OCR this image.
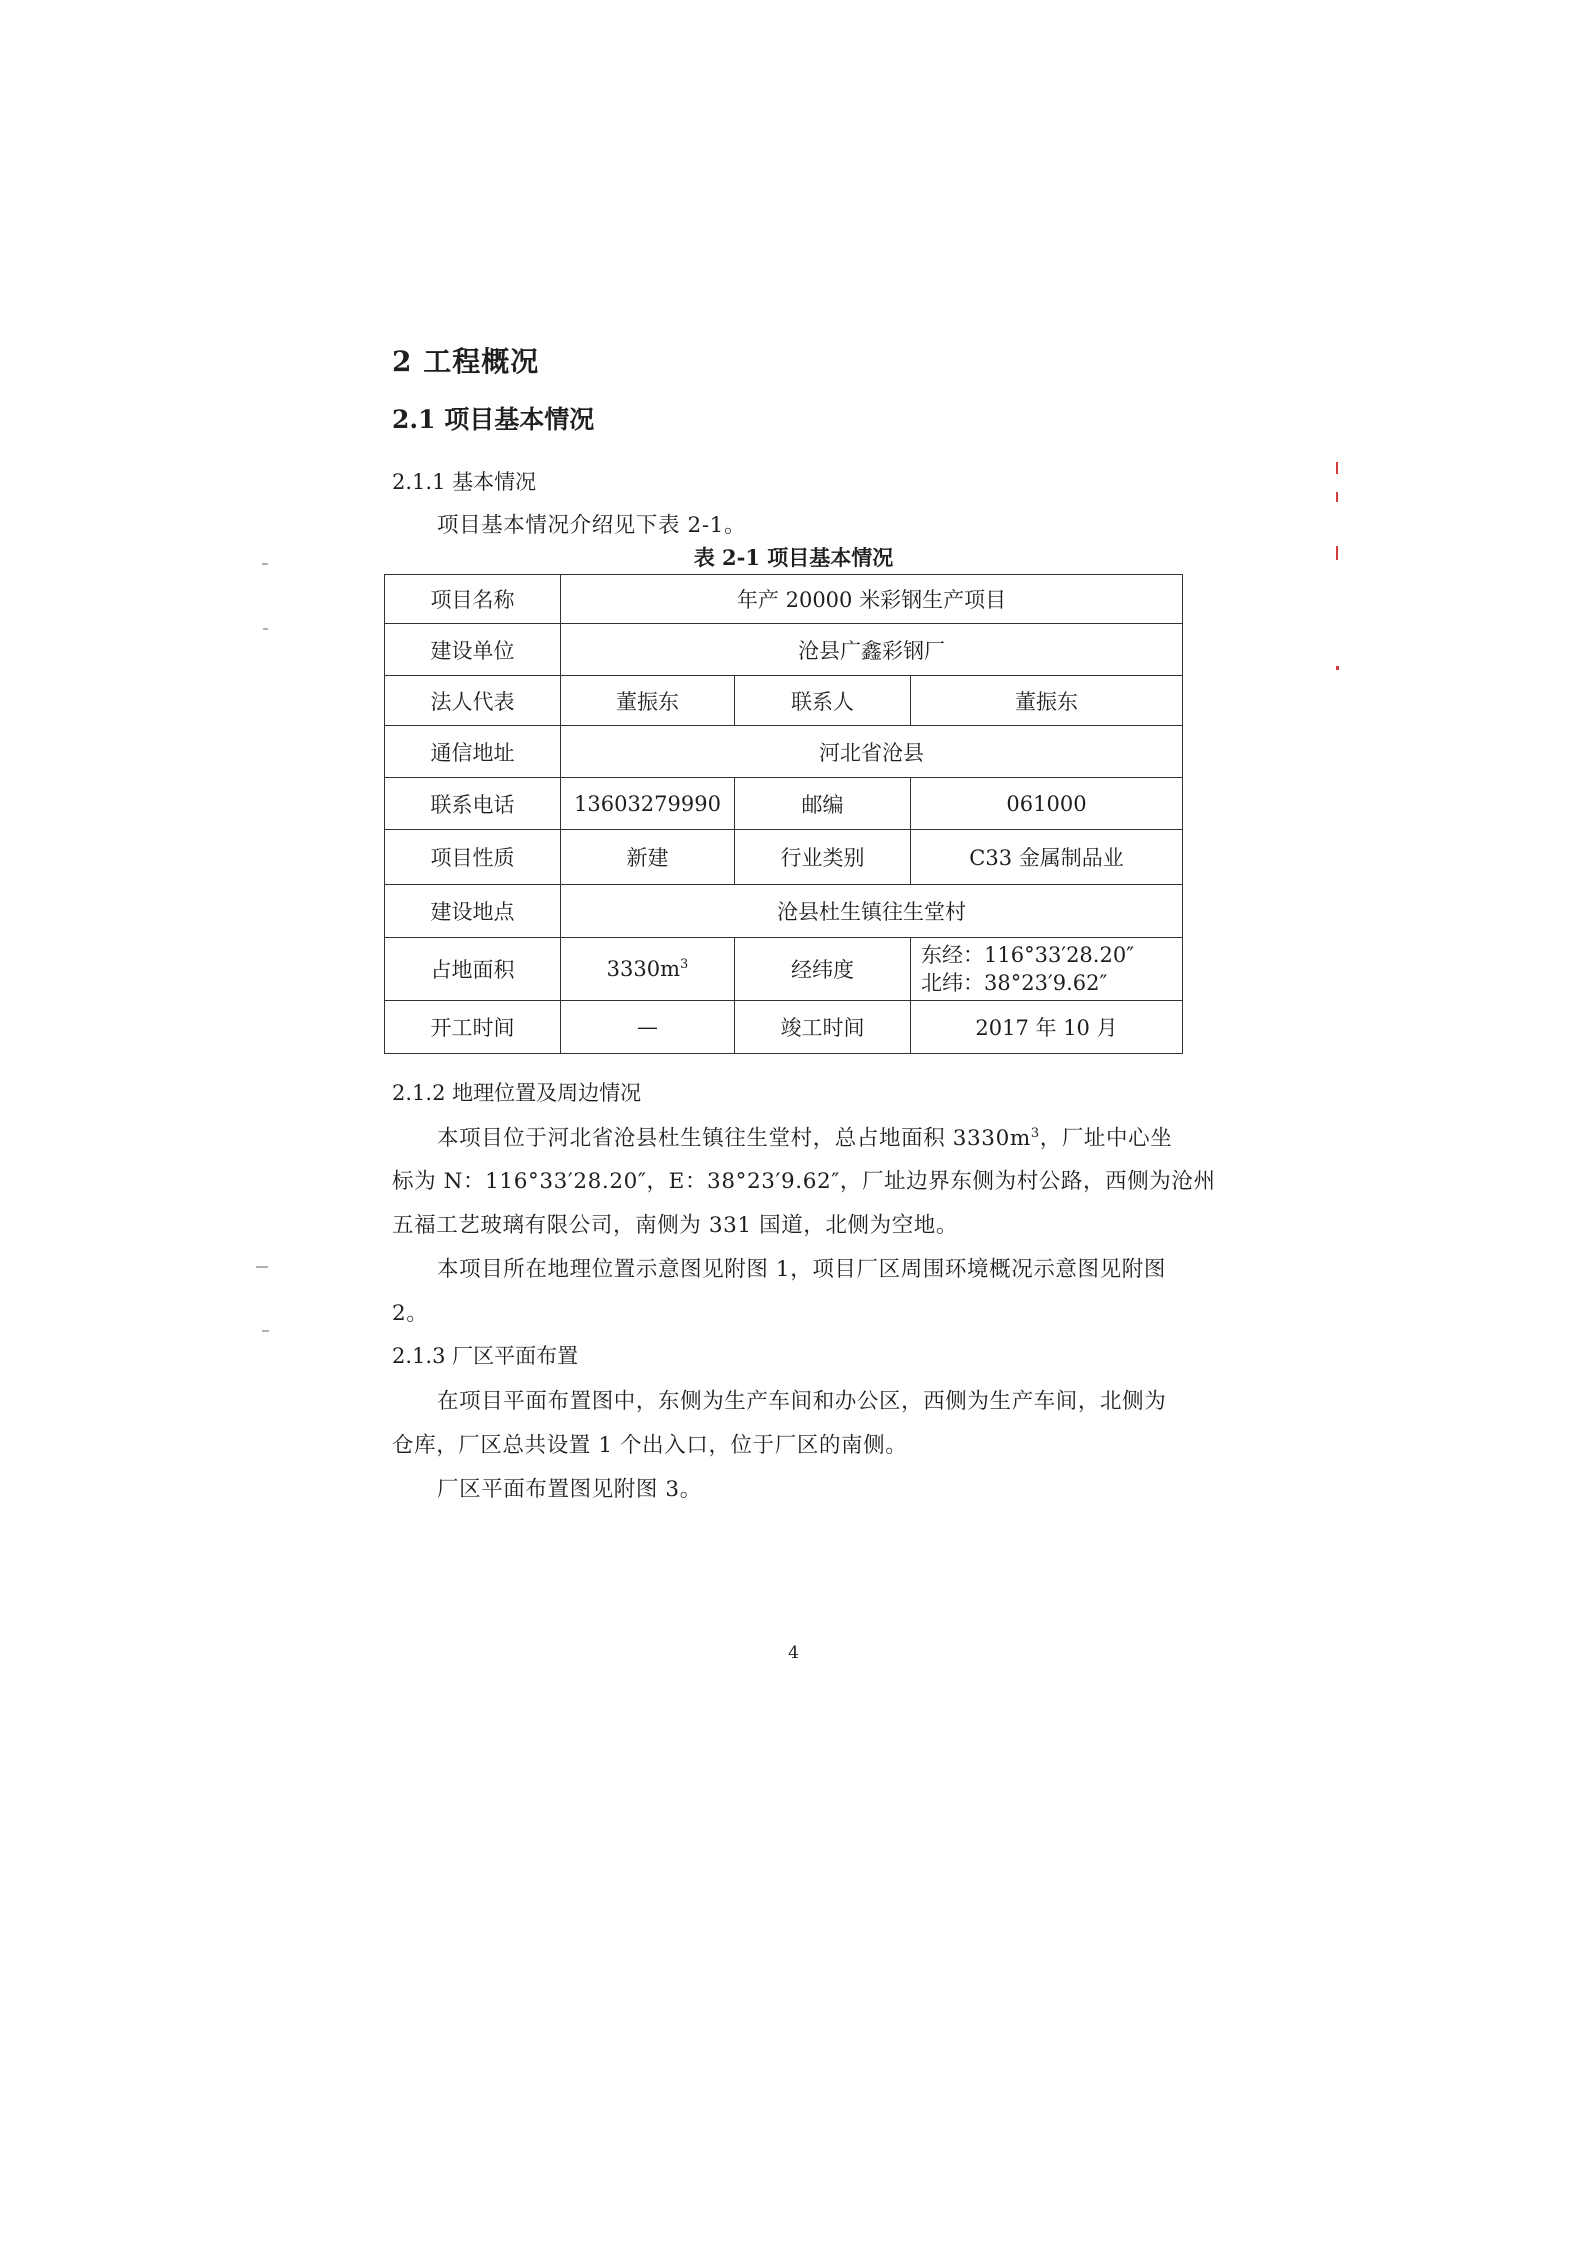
2 工程概况
2.1 项目基本情况
2.1.1 基本情况
项目基本情况介绍见下表 2-1。
表 2-1 项目基本情况
项目名称	年产 20000 米彩钢生产项目		
建设单位	沧县广鑫彩钢厂		
法人代表	董振东	联系人	董振东
通信地址	河北省沧县		
联系电话	13603279990	邮编	061000
项目性质	新建	行业类别	C33 金属制品业
建设地点	沧县杜生镇往生堂村		
占地面积	$3330m^3$	经纬度	东经：116°33′28.20″
北纬：38°23′9.62″

开工时间	—	竣工时间	2017 年 10 月
2.1.2 地理位置及周边情况
本项目位于河北省沧县杜生镇往生堂村，总占地面积 $3330m^3$，厂址中心坐
标为 N：116°33′28.20″，E：38°23′9.62″，厂址边界东侧为村公路，西侧为沧州
五福工艺玻璃有限公司，南侧为 331 国道，北侧为空地。
本项目所在地理位置示意图见附图 1，项目厂区周围环境概况示意图见附图
2。
2.1.3 厂区平面布置
在项目平面布置图中，东侧为生产车间和办公区，西侧为生产车间，北侧为
仓库，厂区总共设置 1 个出入口，位于厂区的南侧。
厂区平面布置图见附图 3。
4
